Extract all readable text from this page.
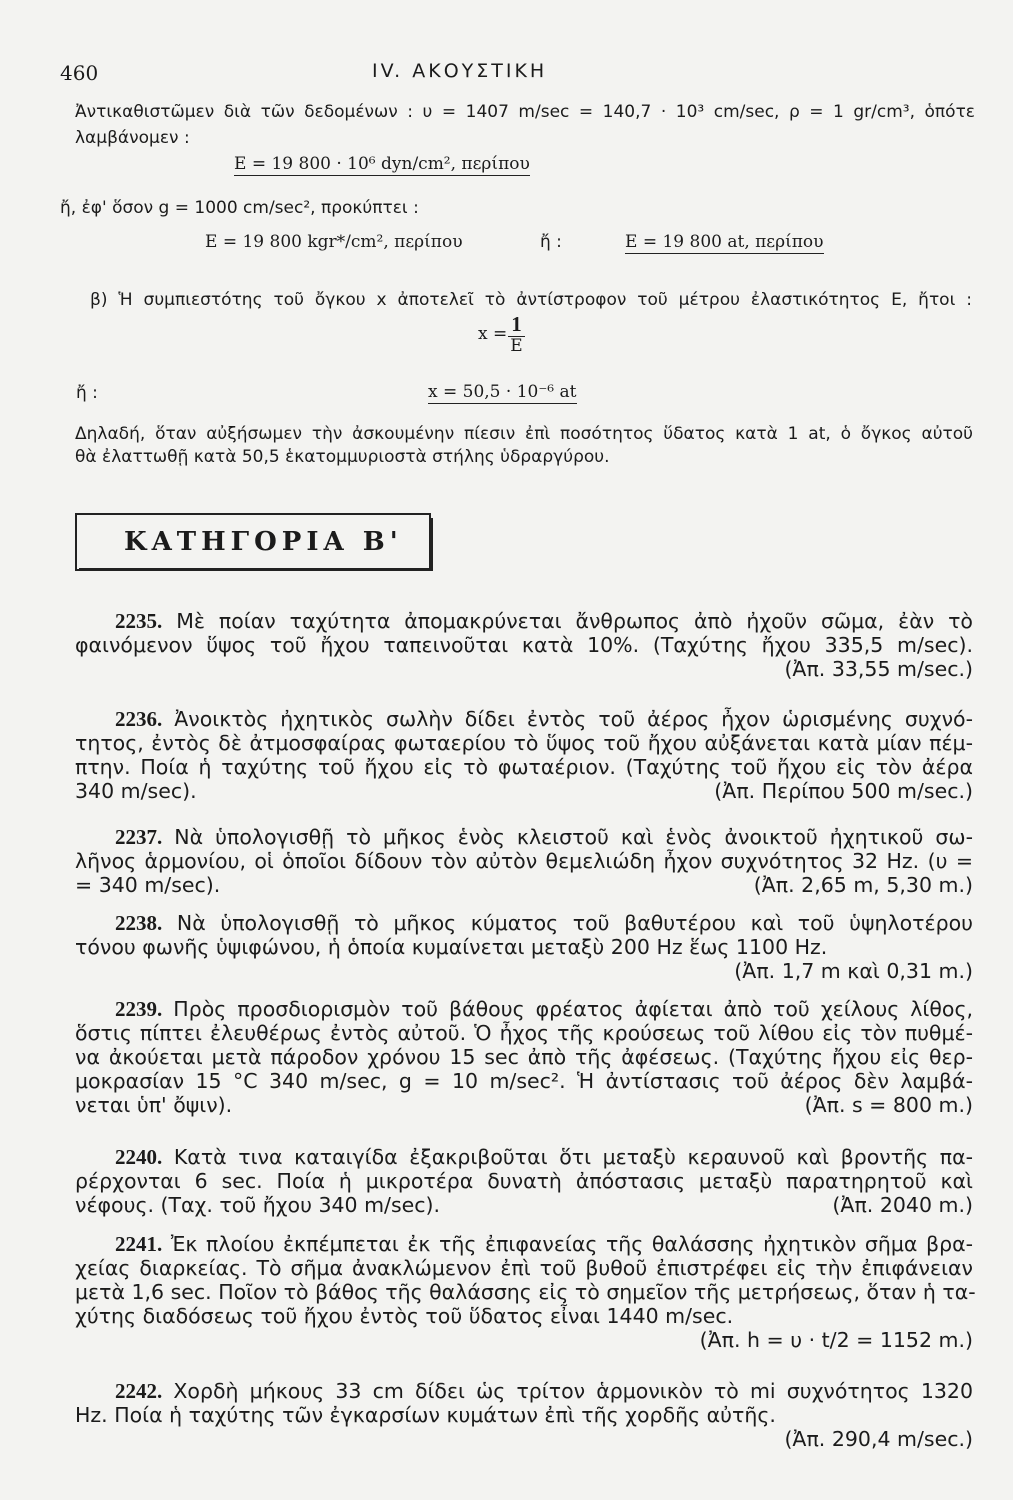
460	IV. ΑΚΟΥΣΤΙΚΗ
Ἀντικαθιστῶμεν διὰ τῶν δεδομένων : υ = 1407 m/sec = 140,7 · 10³ cm/sec, ρ = 1 gr/cm³, ὁπότε
λαμβάνομεν :
E = 19 800 · 10⁶ dyn/cm², περίπου
ἤ, ἐφ' ὅσον g = 1000 cm/sec², προκύπτει :
E = 19 800 kgr*/cm², περίπου	ἤ :	E = 19 800 at, περίπου
β) Ἡ συμπιεστότης τοῦ ὄγκου x ἀποτελεῖ τὸ ἀντίστροφον τοῦ μέτρου ἐλαστικότητος E, ἤτοι :
$x = \frac{1}{E}$
ἤ :	x = 50,5 · 10⁻⁶ at
Δηλαδή, ὅταν αὐξήσωμεν τὴν ἀσκουμένην πίεσιν ἐπὶ ποσότητος ὕδατος κατὰ 1 at, ὁ ὄγκος αὐτοῦ
θὰ ἐλαττωθῇ κατὰ 50,5 ἑκατομμυριοστὰ στήλης ὑδραργύρου.
ΚΑΤΗΓΟΡΙΑ Β'
2235. Μὲ ποίαν ταχύτητα ἀπομακρύνεται ἄνθρωπος ἀπὸ ἠχοῦν σῶμα, ἐὰν τὸ
φαινόμενον ὕψος τοῦ ἤχου ταπεινοῦται κατὰ 10%. (Ταχύτης ἤχου 335,5 m/sec).
(Ἀπ. 33,55 m/sec.)
2236. Ἀνοικτὸς ἠχητικὸς σωλὴν δίδει ἐντὸς τοῦ ἀέρος ἦχον ὡρισμένης συχνό-
τητος, ἐντὸς δὲ ἀτμοσφαίρας φωταερίου τὸ ὕψος τοῦ ἤχου αὐξάνεται κατὰ μίαν πέμ-
πτην. Ποία ἡ ταχύτης τοῦ ἤχου εἰς τὸ φωταέριον. (Ταχύτης τοῦ ἤχου εἰς τὸν ἀέρα
340 m/sec).	(Ἀπ. Περίπου 500 m/sec.)
2237. Νὰ ὑπολογισθῇ τὸ μῆκος ἑνὸς κλειστοῦ καὶ ἑνὸς ἀνοικτοῦ ἠχητικοῦ σω-
λῆνος ἁρμονίου, οἱ ὁποῖοι δίδουν τὸν αὐτὸν θεμελιώδη ἦχον συχνότητος 32 Hz. (υ =
= 340 m/sec).	(Ἀπ. 2,65 m, 5,30 m.)
2238. Νὰ ὑπολογισθῇ τὸ μῆκος κύματος τοῦ βαθυτέρου καὶ τοῦ ὑψηλοτέρου
τόνου φωνῆς ὑψιφώνου, ἡ ὁποία κυμαίνεται μεταξὺ 200 Hz ἕως 1100 Hz.
(Ἀπ. 1,7 m καὶ 0,31 m.)
2239. Πρὸς προσδιορισμὸν τοῦ βάθους φρέατος ἀφίεται ἀπὸ τοῦ χείλους λίθος,
ὅστις πίπτει ἐλευθέρως ἐντὸς αὐτοῦ. Ὁ ἦχος τῆς κρούσεως τοῦ λίθου εἰς τὸν πυθμέ-
να ἀκούεται μετὰ πάροδον χρόνου 15 sec ἀπὸ τῆς ἀφέσεως. (Ταχύτης ἤχου εἰς θερ-
μοκρασίαν 15 °C 340 m/sec, g = 10 m/sec². Ἡ ἀντίστασις τοῦ ἀέρος δὲν λαμβά-
νεται ὑπ' ὄψιν).	(Ἀπ. s = 800 m.)
2240. Κατὰ τινα καταιγίδα ἐξακριβοῦται ὅτι μεταξὺ κεραυνοῦ καὶ βροντῆς πα-
ρέρχονται 6 sec. Ποία ἡ μικροτέρα δυνατὴ ἀπόστασις μεταξὺ παρατηρητοῦ καὶ
νέφους. (Ταχ. τοῦ ἤχου 340 m/sec).	(Ἀπ. 2040 m.)
2241. Ἐκ πλοίου ἐκπέμπεται ἐκ τῆς ἐπιφανείας τῆς θαλάσσης ἠχητικὸν σῆμα βρα-
χείας διαρκείας. Τὸ σῆμα ἀνακλώμενον ἐπὶ τοῦ βυθοῦ ἐπιστρέφει εἰς τὴν ἐπιφάνειαν
μετὰ 1,6 sec. Ποῖον τὸ βάθος τῆς θαλάσσης εἰς τὸ σημεῖον τῆς μετρήσεως, ὅταν ἡ τα-
χύτης διαδόσεως τοῦ ἤχου ἐντὸς τοῦ ὕδατος εἶναι 1440 m/sec.
(Ἀπ. h = υ · t/2 = 1152 m.)
2242. Χορδὴ μήκους 33 cm δίδει ὡς τρίτον ἁρμονικὸν τὸ mi συχνότητος 1320
Hz. Ποία ἡ ταχύτης τῶν ἐγκαρσίων κυμάτων ἐπὶ τῆς χορδῆς αὐτῆς.
(Ἀπ. 290,4 m/sec.)
